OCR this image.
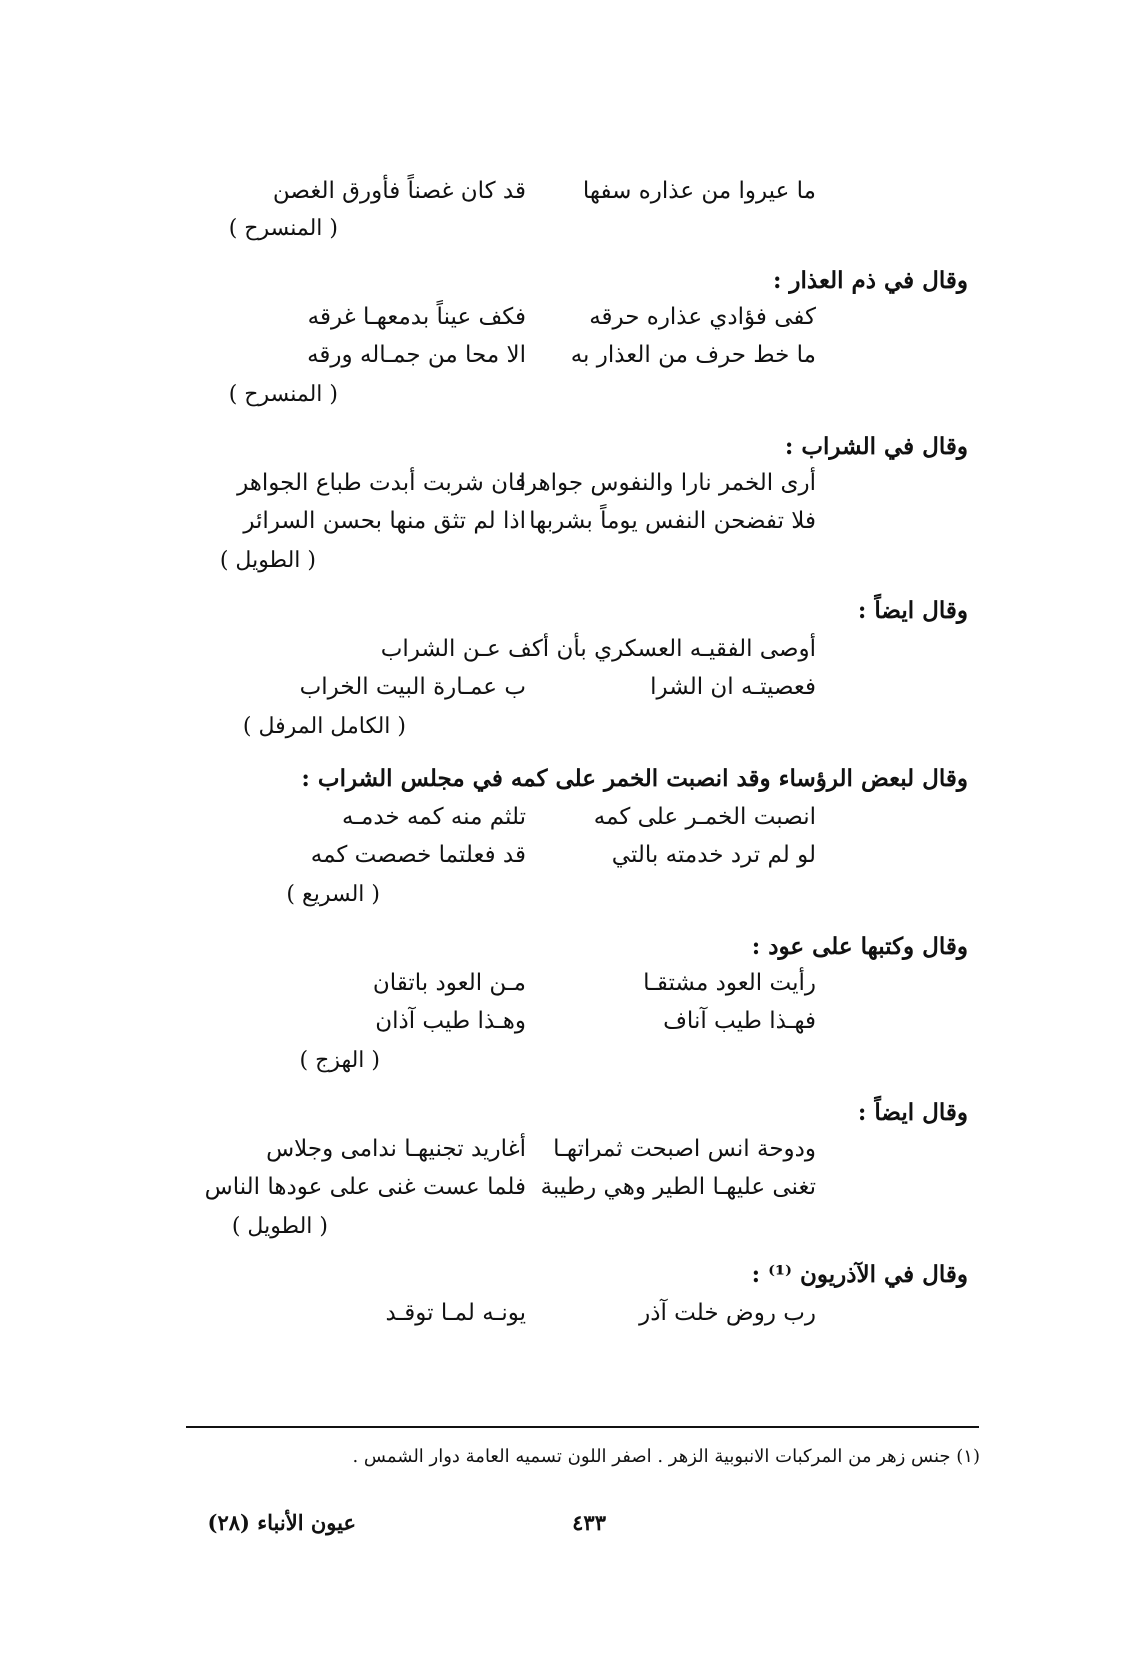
ما عيروا من عذاره سفها
قد كان غصناً فأورق الغصن
( المنسرح )
وقال في ذم العذار :
كفى فؤادي عذاره حرقه
فكف عيناً بدمعهـا غرقه
ما خط حرف من العذار به
الا محا من جمـاله ورقه
( المنسرح )
وقال في الشراب :
أرى الخمر نارا والنفوس جواهرا
فان شربت أبدت طباع الجواهر
فلا تفضحن النفس يوماً بشربها
اذا لم تثق منها بحسن السرائر
( الطويل )
وقال ايضاً :
أوصى الفقيـه العسكري بأن أكف عـن الشراب
فعصيتـه ان الشرا
ب عمـارة البيت الخراب
( الكامل المرفل )
وقال لبعض الرؤساء وقد انصبت الخمر على كمه في مجلس الشراب :
انصبت الخمـر على كمه
تلثم منه كمه خدمـه
لو لم ترد خدمته بالتي
قد فعلتما خصصت كمه
( السريع )
وقال وكتبها على عود :
رأيت العود مشتقـا
مـن العود باتقان
فهـذا طيب آناف
وهـذا طيب آذان
( الهزج )
وقال ايضاً :
ودوحة انس اصبحت ثمراتهـا
أغاريد تجنيهـا ندامى وجلاس
تغنى عليهـا الطير وهي رطيبة
فلما عست غنى على عودها الناس
( الطويل )
وقال في الآذريون ⁽¹⁾ :
رب روض خلت آذر
يونـه لمـا توقـد
(١) جنس زهر من المركبات الانبوبية الزهر . اصفر اللون تسميه العامة دوار الشمس .
٤٣٣
عيون الأنباء (٢٨)
